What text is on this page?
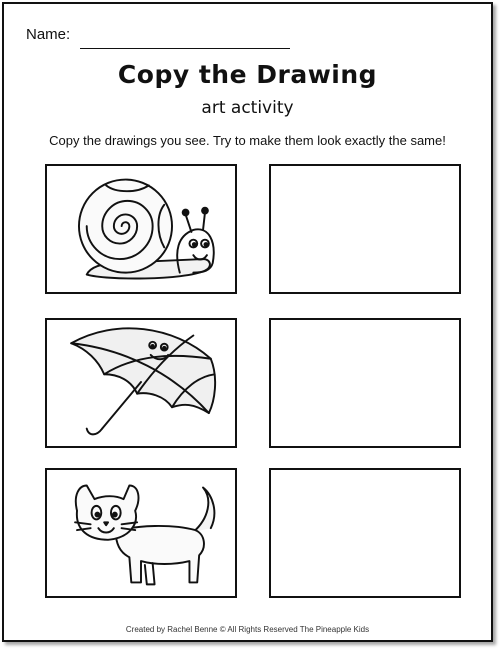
Name:
Copy the Drawing
art activity
Copy the drawings you see. Try to make them look exactly the same!
Created by Rachel Benne © All Rights Reserved The Pineapple Kids
